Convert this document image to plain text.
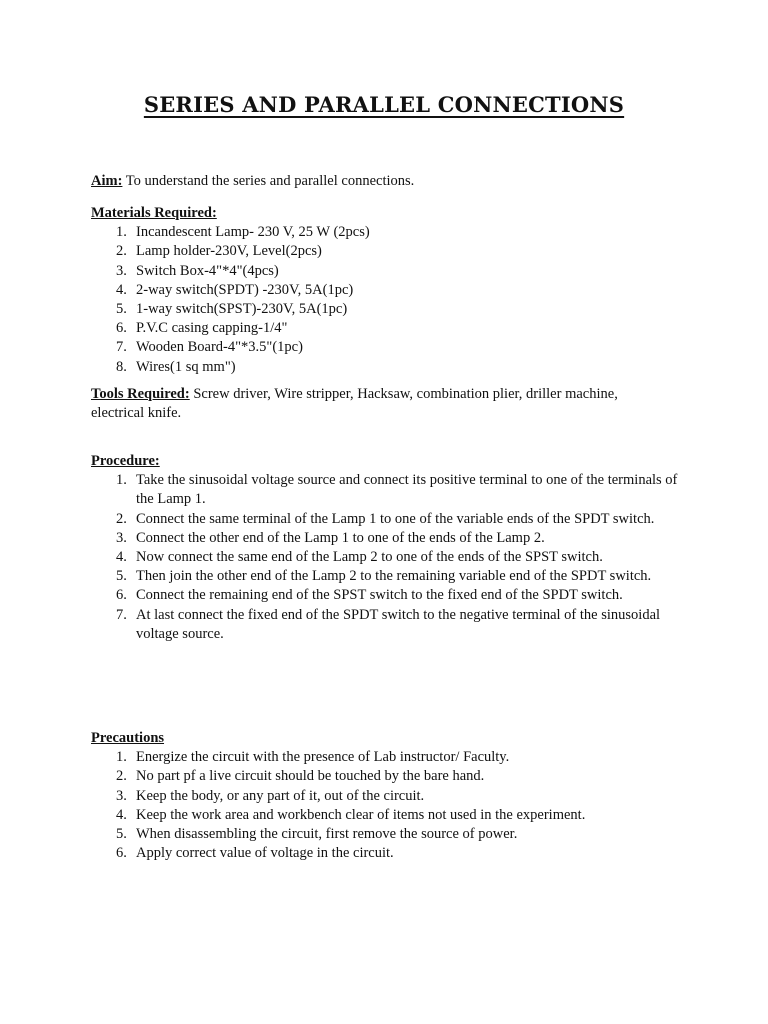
SERIES AND PARALLEL CONNECTIONS
Aim: To understand the series and parallel connections.
Materials Required:
1. Incandescent Lamp- 230 V, 25 W (2pcs)
2. Lamp holder-230V, Level(2pcs)
3. Switch Box-4"*4"(4pcs)
4. 2-way switch(SPDT) -230V, 5A(1pc)
5. 1-way switch(SPST)-230V, 5A(1pc)
6. P.V.C casing capping-1/4"
7. Wooden Board-4"*3.5"(1pc)
8. Wires(1 sq mm")
Tools Required: Screw driver, Wire stripper, Hacksaw, combination plier, driller machine, electrical knife.
Procedure:
1. Take the sinusoidal voltage source and connect its positive terminal to one of the terminals of the Lamp 1.
2. Connect the same terminal of the Lamp 1 to one of the variable ends of the SPDT switch.
3. Connect the other end of the Lamp 1 to one of the ends of the Lamp 2.
4. Now connect the same end of the Lamp 2 to one of the ends of the SPST switch.
5. Then join the other end of the Lamp 2 to the remaining variable end of the SPDT switch.
6. Connect the remaining end of the SPST switch to the fixed end of the SPDT switch.
7. At last connect the fixed end of the SPDT switch to the negative terminal of the sinusoidal voltage source.
Precautions
1. Energize the circuit with the presence of Lab instructor/ Faculty.
2. No part pf a live circuit should be touched by the bare hand.
3. Keep the body, or any part of it, out of the circuit.
4. Keep the work area and workbench clear of items not used in the experiment.
5. When disassembling the circuit, first remove the source of power.
6. Apply correct value of voltage in the circuit.
